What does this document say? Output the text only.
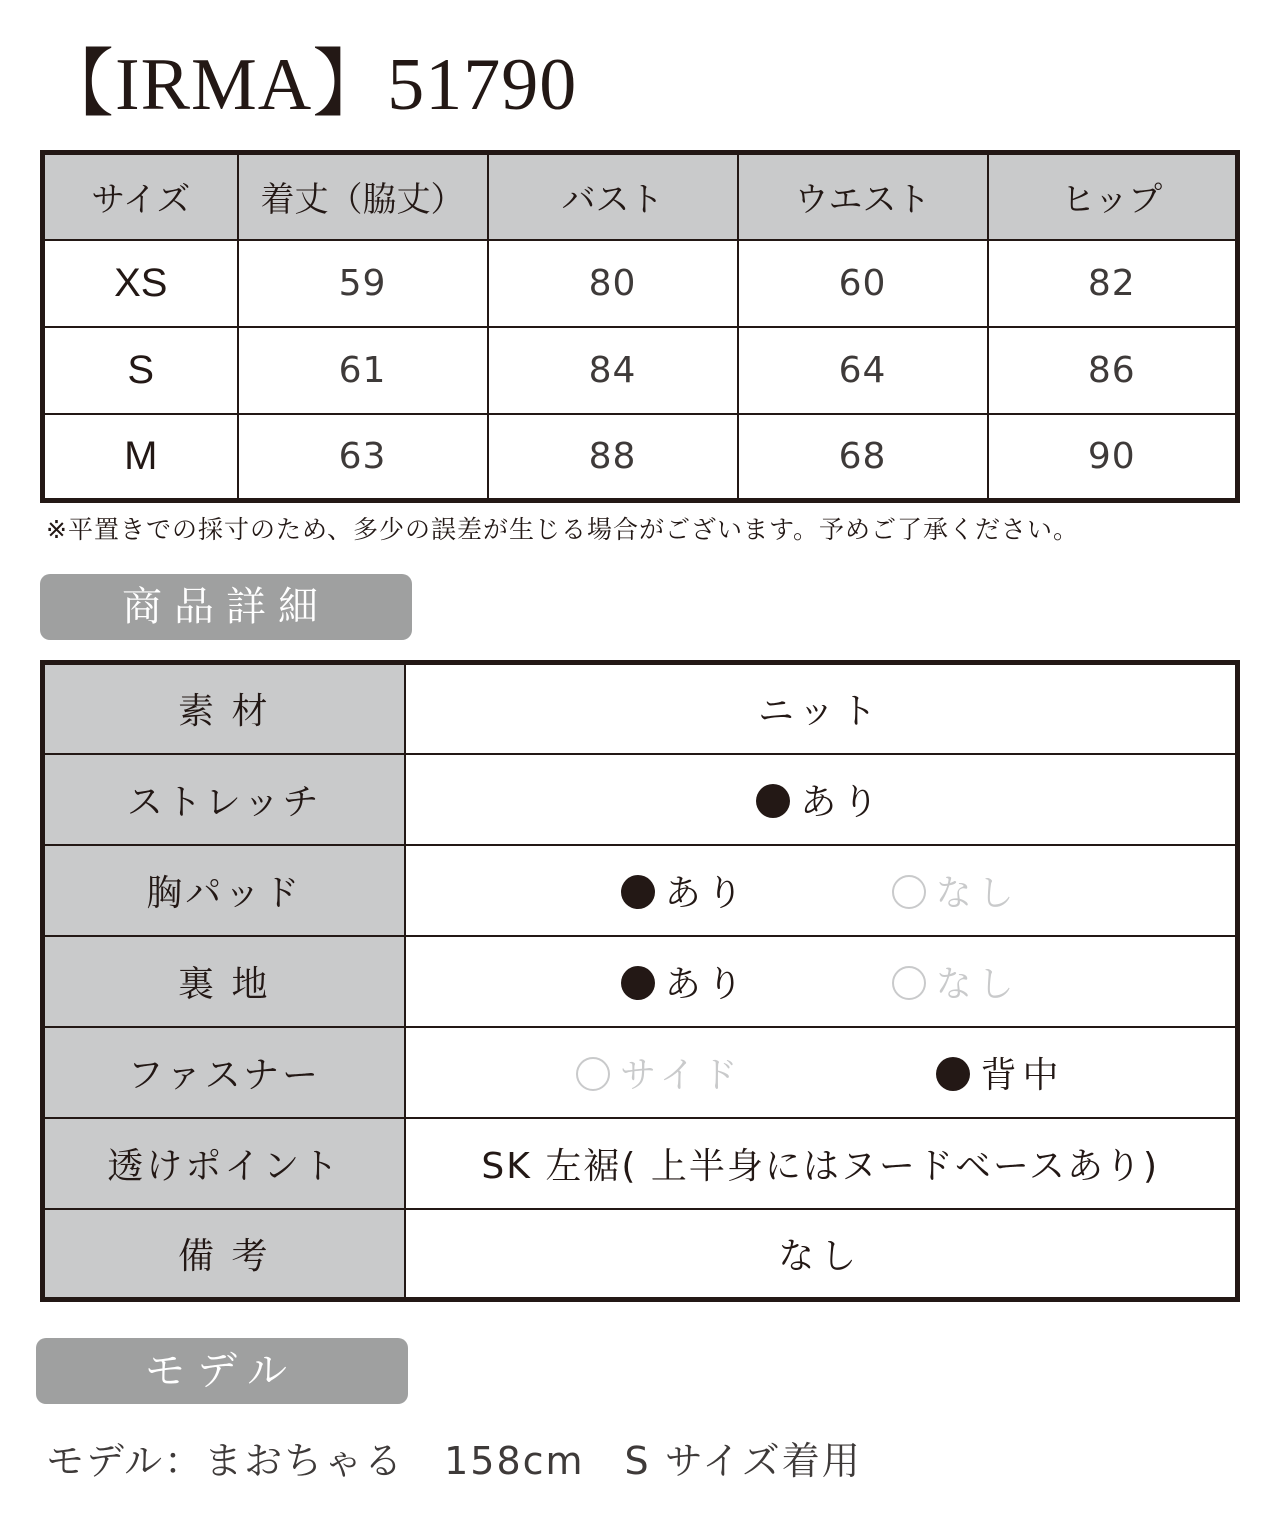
【IRMA】51790
サイズ	着丈（脇丈）	バスト	ウエスト	ヒップ
XS	59	80	60	82
S	61	84	64	86
M	63	88	68	90
※平置きでの採寸のため、多少の誤差が生じる場合がございます。予めご了承ください。
商品詳細
素 材	ニット
ストレッチ	あり
胸パッド	あり なし
裏 地	あり なし
ファスナー	サイド 背中
透けポイント	SK 左裾( 上半身にはヌードベースあり)
備 考	なし
モデル
モデル：まおちゃる　158cm　S サイズ着用
